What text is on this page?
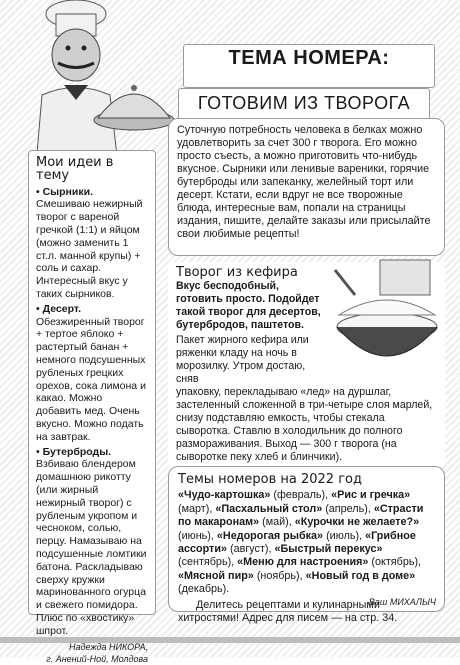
ТЕМА НОМЕРА:
ГОТОВИМ ИЗ ТВОРОГА
Суточную потребность человека в белках можно удовлетворить за счет 300 г творога. Его можно просто съесть, а можно приготовить что-нибудь вкусное. Сырники или ленивые вареники, горячие бутерброды или запеканку, желейный торт или десерт. Кстати, если вдруг не все творожные блюда, интересные вам, попали на страницы издания, пишите, делайте заказы или присылайте свои любимые рецепты!
Мои идеи в тему

• Сырники. Смешиваю нежирный творог с вареной гречкой (1:1) и яйцом (можно заменить 1 ст.л. манной крупы) + соль и сахар. Интересный вкус у таких сырников.

• Десерт. Обезжиренный творог + тертое яблоко + растертый банан + немного подсушенных рубленых грецких орехов, сока лимона и какао. Можно добавить мед. Очень вкусно. Можно подать на завтрак.

• Бутерброды. Взбиваю блендером домашнюю рикотту (или жирный нежирный творог) с рубленым укропом и чесноком, солью, перцу. Намазываю на подсушенные ломтики батона. Раскладываю сверху кружки маринованного огурца и свежего помидора. Плюс по «хвостику» шпрот.

Надежда НИКОРА,
г. Анений-Ной, Молдова
Творог из кефира
Вкус бесподобный, готовить просто. Подойдет такой творог для десертов, бутербродов, паштетов.
Пакет жирного кефира или ряженки кладу на ночь в морозилку. Утром достаю, сняв
упаковку, перекладываю «лед» на дуршлаг, застеленный сложенной в три-четыре слоя марлей, снизу подставляю емкость, чтобы стекала сыворотка. Ставлю в холодильник до полного размораживания. Выход — 300 г творога (на сыворотке пеку хлеб и блинчики).
Темы номеров на 2022 год
«Чудо-картошка» (февраль), «Рис и гречка» (март), «Пасхальный стол» (апрель), «Страсти по макаронам» (май), «Курочки не желаете?» (июнь), «Недорогая рыбка» (июль), «Грибное ассорти» (август), «Быстрый перекус» (сентябрь), «Меню для настроения» (октябрь), «Мясной пир» (ноябрь), «Новый год в доме» (декабрь).
Делитесь рецептами и кулинарными хитростями! Адрес для писем — на стр. 34.
Ваш МИХАЛЫЧ
